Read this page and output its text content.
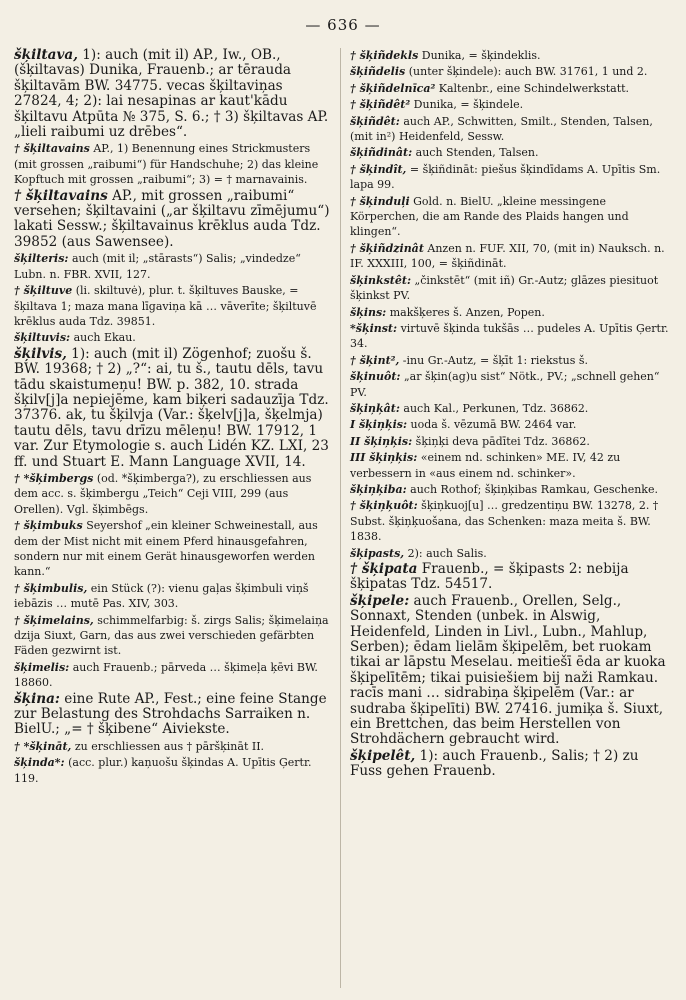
— 636 —

šķiltava, 1): auch (mit il) AP., Iw., OB., (šķiltavas) Dunika, Frauenb.; ar tērauda šķiltavām BW. 34775. vecas šķiltaviņas 27824, 4; 2): lai nesapinas ar kaut'kādu šķiltavu Atpūta № 375, S. 6.; † 3) šķiltavas AP. „lieli raibumi uz drēbes“.

† šķiltavains AP., 1) Benennung eines Strickmusters (mit grossen „raibumi“) für Handschuhe; 2) das kleine Kopftuch mit grossen „raibumi“; 3) = † marnavainis.

† šķiltavains AP., mit grossen „raibumi“ versehen; šķiltavaini („ar šķiltavu zīmējumu“) lakati Sessw.; šķiltavainus krēklus auda Tdz. 39852 (aus Sawensee).

šķilteris: auch (mit il; „stārasts“) Salis; „vindedze“ Lubn. n. FBR. XVII, 127.

† šķiltuve (li. skiltuvė), plur. t. šķiltuves Bauske, = šķiltava 1; maza mana līgaviņa kā … vāverīte; šķiltuvē krēklus auda Tdz. 39851.

šķiltuvis: auch Ekau.

šķilvis, 1): auch (mit il) Zögenhof; zuošu š. BW. 19368; † 2) „?“: ai, tu š., tautu dēls, tavu tādu skaistumeņu! BW. p. 382, 10. strada šķilv[j]a nepiejēme, kam biķeri sadauzīja Tdz. 37376. ak, tu šķilvja (Var.: šķelv[j]a, šķelmja) tautu dēls, tavu drīzu mēleņu! BW. 17912, 1 var. Zur Etymologie s. auch Lidén KZ. LXI, 23 ff. und Stuart E. Mann Language XVII, 14.

† *šķimbergs (od. *šķimberga?), zu erschliessen aus dem acc. s. šķimbergu „Teich“ Ceji VIII, 299 (aus Orellen). Vgl. šķimbēgs.

† šķimbuks Seyershof „ein kleiner Schweinestall, aus dem der Mist nicht mit einem Pferd hinausgefahren, sondern nur mit einem Gerät hinausgeworfen werden kann.“

† šķimbulis, ein Stück (?): vienu gaļas šķimbuli viņš iebāzis … mutē Pas. XIV, 303.

† šķimelains, schimmelfarbig: š. zirgs Salis; šķimelaiņa dzija Siuxt, Garn, das aus zwei verschieden gefärbten Fäden gezwirnt ist.

šķimelis: auch Frauenb.; pārveda … šķimeļa ķēvi BW. 18860.

šķina: eine Rute AP., Fest.; eine feine Stange zur Belastung des Strohdachs Sarraiken n. BielU.; „= † šķibene“ Aiviekste.

† *šķināt, zu erschliessen aus † pāršķināt II.

šķinda*: (acc. plur.) kaņuošu šķindas A. Upītis Ģertr. 119.

† šķiñdekls Dunika, = šķindeklis.

šķiñdelis (unter šķindele): auch BW. 31761, 1 und 2.

† šķiñdelnīca² Kaltenbr., eine Schindelwerkstatt.

† šķiñdêt² Dunika, = šķindele.

šķiñdêt: auch AP., Schwitten, Smilt., Stenden, Talsen, (mit in²) Heidenfeld, Sessw.

šķiñdinât: auch Stenden, Talsen.

† šķindît, = šķiñdināt: piešus šķindīdams A. Upītis Sm. lapa 99.

† šķinduļi Gold. n. BielU. „kleine messingene Körperchen, die am Rande des Plaids hangen und klingen“.

† šķiñdzinât Anzen n. FUF. XII, 70, (mit in) Nauksch. n. IF. XXXIII, 100, = šķiñdināt.

šķinkstêt: „činkstēt“ (mit iñ) Gr.-Autz; glāzes piesituot šķinkst PV.

šķins: makšķeres š. Anzen, Popen.

*šķinst: virtuvē šķinda tukšās … pudeles A. Upītis Ģertr. 34.

† šķint², -inu Gr.-Autz, = šķīt 1: riekstus š.

šķinuôt: „ar šķin(ag)u sist“ Nötk., PV.; „schnell gehen“ PV.

šķiņķât: auch Kal., Perkunen, Tdz. 36862.

I šķiņķis: uoda š. vēzumā BW. 2464 var.

II šķiņķis: šķiņķi deva pādītei Tdz. 36862.

III šķiņķis: «einem nd. schinken» ME. IV, 42 zu verbessern in «aus einem nd. schinker».

šķiņķiba: auch Rothof; šķiņķibas Ramkau, Geschenke.

† šķiņķuôt: šķiņkuoj[u] … gredzentiņu BW. 13278, 2. † Subst. šķiņķuošana, das Schenken: maza meita š. BW. 1838.

šķipasts, 2): auch Salis.

† šķipata Frauenb., = šķipasts 2: nebija šķipatas Tdz. 54517.

šķipele: auch Frauenb., Orellen, Selg., Sonnaxt, Stenden (unbek. in Alswig, Heidenfeld, Linden in Livl., Lubn., Mahlup, Serben); ēdam lielām šķipelēm, bet ruokam tikai ar lāpstu Meselau. meitiešī ēda ar kuoka šķipelītēm; tikai puisiešiem bij naži Ramkau. racīs mani … sidrabiņa šķipelēm (Var.: ar sudraba šķipelīti) BW. 27416. jumiķa š. Siuxt, ein Brettchen, das beim Herstellen von Strohdächern gebraucht wird.

šķipelêt, 1): auch Frauenb., Salis; † 2) zu Fuss gehen Frauenb.
